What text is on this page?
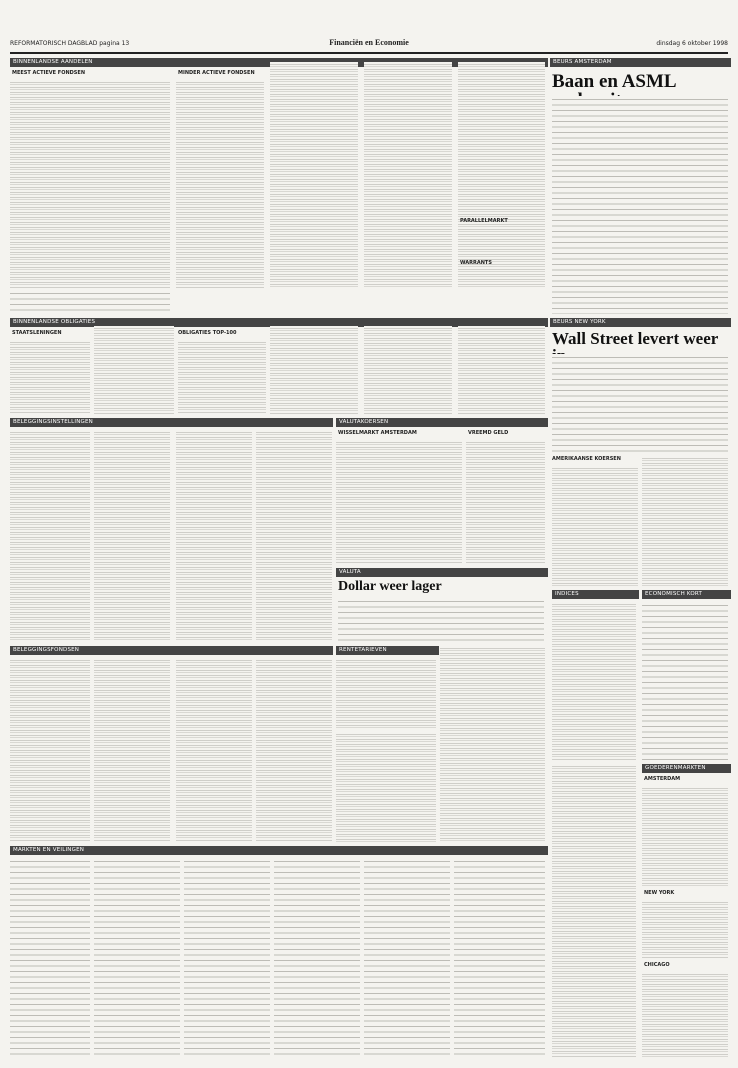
REFORMATORISCH DAGBLAD pagina 13	Financiën en Economie	dinsdag 6 oktober 1998
BINNENLANDSE AANDELEN
MEEST ACTIEVE FONDSEN	MINDER ACTIEVE FONDSEN
BEURS AMSTERDAM
Baan en ASML
PARALLELMARKT
WARRANTS
BINNENLANDSE OBLIGATIES
STAATSLENINGEN	OBLIGATIES TOP-100
BEURS NEW YORK
Wall Street levert weer
BELEGGINGSINSTELLINGEN	VALUTAKOERSEN
WISSELMARKT AMSTERDAM	VREEMD GELD
AMERIKAANSE KOERSEN
VALUTA
Dollar weer lager	INDICES	ECONOMISCH KORT
BELEGGINGSFONDSEN	RENTETARIEVEN
GOEDERENMARKTEN
AMSTERDAM
NEW YORK
CHICAGO
MARKTEN EN VEILINGEN
